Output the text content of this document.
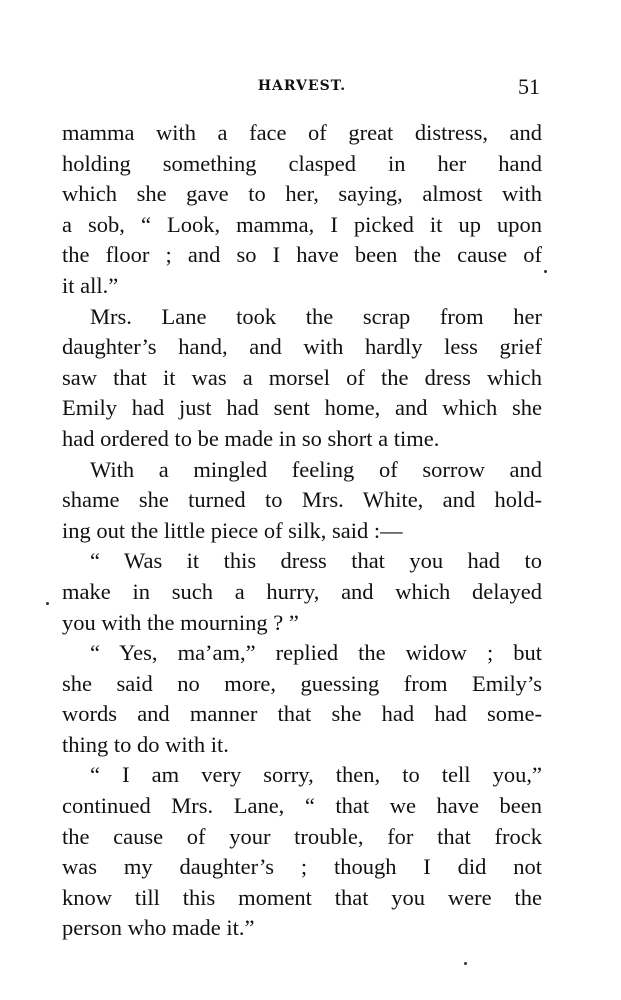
HARVEST.	51
mamma with a face of great distress, and
holding something clasped in her hand
which she gave to her, saying, almost with
a sob, “ Look, mamma, I picked it up upon
the floor ; and so I have been the cause of
it all.”
Mrs. Lane took the scrap from her
daughter’s hand, and with hardly less grief
saw that it was a morsel of the dress which
Emily had just had sent home, and which she
had ordered to be made in so short a time.
With a mingled feeling of sorrow and
shame she turned to Mrs. White, and hold-
ing out the little piece of silk, said :—
“ Was it this dress that you had to
make in such a hurry, and which delayed
you with the mourning ? ”
“ Yes, ma’am,” replied the widow ; but
she said no more, guessing from Emily’s
words and manner that she had had some-
thing to do with it.
“ I am very sorry, then, to tell you,”
continued Mrs. Lane, “ that we have been
the cause of your trouble, for that frock
was my daughter’s ; though I did not
know till this moment that you were the
person who made it.”
